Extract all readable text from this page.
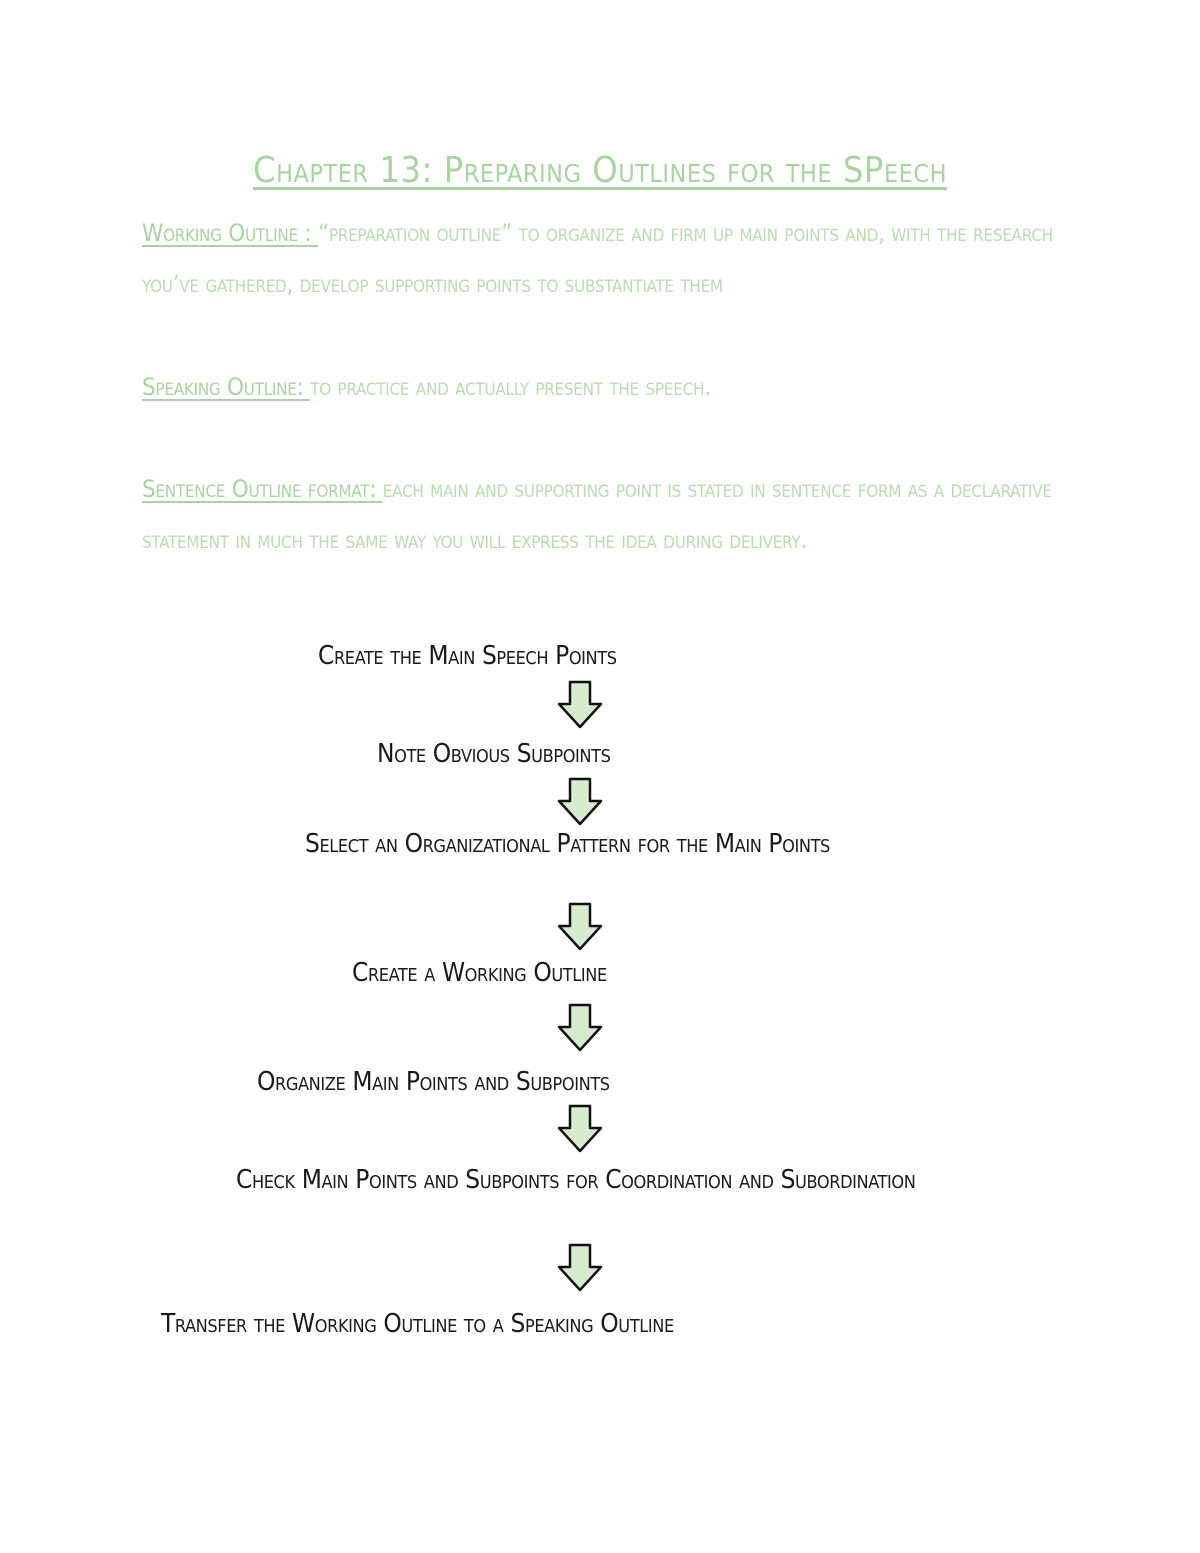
Chapter 13: Preparing Outlines for the SPeech
Working Outline : “preparation outline” to organize and firm up main points and, with the research you’ve gathered, develop supporting points to substantiate them
Speaking Outline: to practice and actually present the speech.
Sentence Outline format: each main and supporting point is stated in sentence form as a declarative statement in much the same way you will express the idea during delivery.
Create the Main Speech Points
Note Obvious Subpoints
Select an Organizational Pattern for the Main Points
Create a Working Outline
Organize Main Points and Subpoints
Check Main Points and Subpoints for Coordination and Subordination
Transfer the Working Outline to a Speaking Outline
